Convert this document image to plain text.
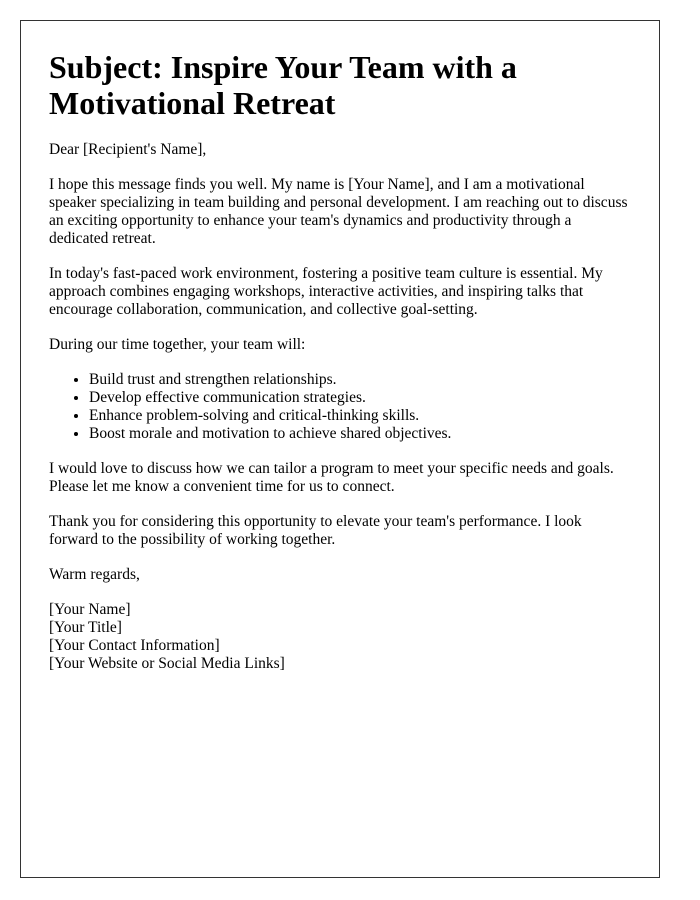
Subject: Inspire Your Team with a Motivational Retreat

Dear [Recipient's Name],

I hope this message finds you well. My name is [Your Name], and I am a motivational speaker specializing in team building and personal development. I am reaching out to discuss an exciting opportunity to enhance your team's dynamics and productivity through a dedicated retreat.

In today's fast-paced work environment, fostering a positive team culture is essential. My approach combines engaging workshops, interactive activities, and inspiring talks that encourage collaboration, communication, and collective goal-setting.

During our time together, your team will:

• Build trust and strengthen relationships.
• Develop effective communication strategies.
• Enhance problem-solving and critical-thinking skills.
• Boost morale and motivation to achieve shared objectives.

I would love to discuss how we can tailor a program to meet your specific needs and goals. Please let me know a convenient time for us to connect.

Thank you for considering this opportunity to elevate your team's performance. I look forward to the possibility of working together.

Warm regards,

[Your Name]
[Your Title]
[Your Contact Information]
[Your Website or Social Media Links]
